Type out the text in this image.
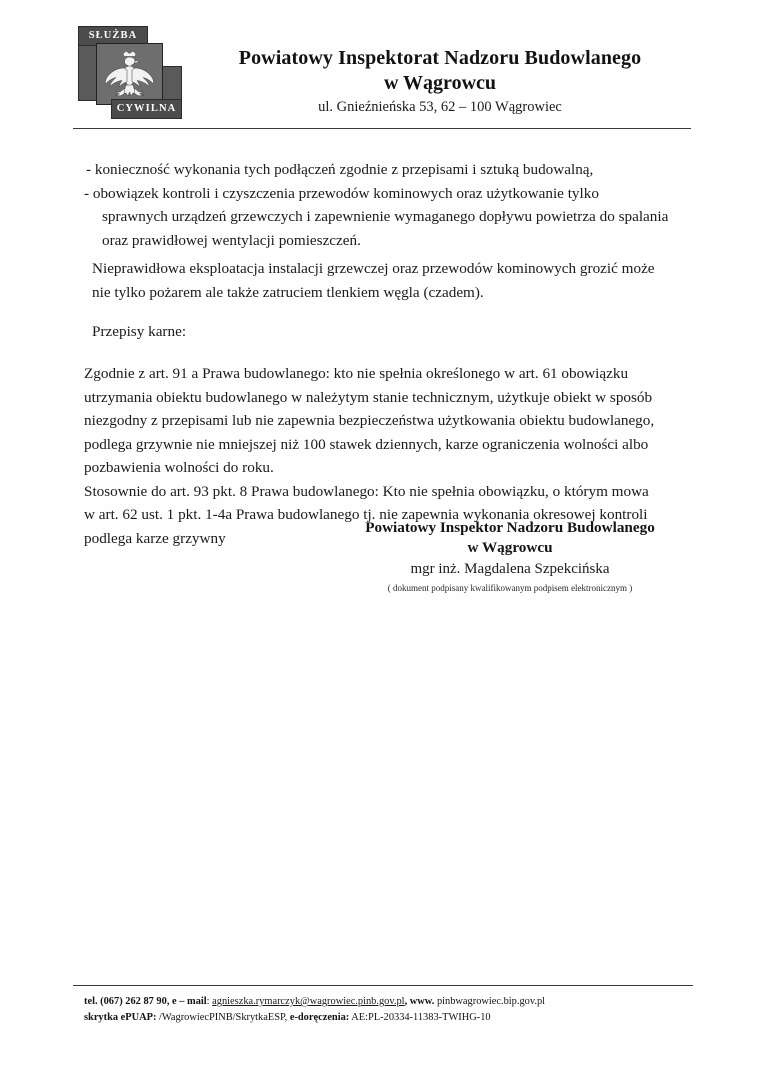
SŁUŻBA
CYWILNA
Powiatowy Inspektorat Nadzoru Budowlanego
w Wągrowcu
ul. Gnieźnieńska 53, 62 – 100 Wągrowiec
- konieczność wykonania tych podłączeń zgodnie z przepisami i sztuką budowalną,
- obowiązek kontroli i czyszczenia przewodów kominowych oraz użytkowanie tylko
sprawnych urządzeń grzewczych i zapewnienie wymaganego dopływu powietrza do spalania
oraz prawidłowej wentylacji pomieszczeń.
Nieprawidłowa eksploatacja instalacji grzewczej oraz przewodów kominowych grozić może
nie tylko pożarem ale także zatruciem tlenkiem węgla (czadem).
Przepisy karne:
Zgodnie z art. 91 a Prawa budowlanego: kto nie spełnia określonego w art. 61 obowiązku
utrzymania obiektu budowlanego w należytym stanie technicznym, użytkuje obiekt w sposób
niezgodny z przepisami lub nie zapewnia bezpieczeństwa użytkowania obiektu budowlanego,
podlega grzywnie nie mniejszej niż 100 stawek dziennych, karze ograniczenia wolności albo
pozbawienia wolności do roku.
Stosownie do art. 93 pkt. 8 Prawa budowlanego: Kto nie spełnia obowiązku, o którym mowa
w art. 62 ust. 1 pkt. 1-4a Prawa budowlanego tj. nie zapewnia wykonania okresowej kontroli
podlega karze grzywny
Powiatowy Inspektor Nadzoru Budowlanego
w Wągrowcu
mgr inż. Magdalena Szpekcińska
( dokument podpisany kwalifikowanym podpisem elektronicznym )
tel. (067) 262 87 90, e – mail: agnieszka.rymarczyk@wagrowiec.pinb.gov.pl, www. pinbwagrowiec.bip.gov.pl
skrytka ePUAP: /WagrowiecPINB/SkrytkaESP, e-doręczenia: AE:PL-20334-11383-TWIHG-10
